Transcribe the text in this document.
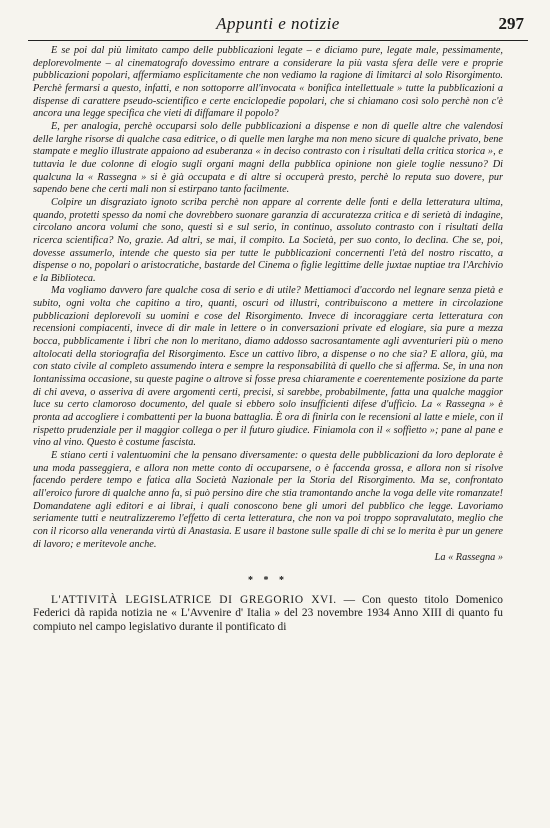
Appunti e notizie	297

E se poi dal più limitato campo delle pubblicazioni legate – e diciamo pure, legate male, pessimamente, deplorevolmente – al cinematografo dovessimo entrare a considerare la più vasta sfera delle vere e proprie pubblicazioni popolari, affermiamo esplicitamente che non vediamo la ragione di limitarci al solo Risorgimento. Perchè fermarsi a questo, infatti, e non sottoporre all'invocata « bonifica intellettuale » tutte la pubblicazioni a dispense di carattere pseudo-scientifico e certe enciclopedie popolari, che si chiamano così solo perchè non c'è ancora una legge specifica che vieti di diffamare il popolo?

E, per analogia, perchè occuparsi solo delle pubblicazioni a dispense e non di quelle altre che valendosi delle larghe risorse di qualche casa editrice, o di quelle men larghe ma non meno sicure di qualche privato, bene stampate e meglio illustrate appaiono ad esuberanza « in deciso contrasto con i risultati della critica storica », e tuttavia le due colonne di elogio sugli organi magni della pubblica opinione non giele toglie nessuno? Di qualcuna la « Rassegna » si è già occupata e di altre si occuperà presto, perchè lo reputa suo dovere, pur sapendo bene che certi mali non si estirpano tanto facilmente.

Colpire un disgraziato ignoto scriba perchè non appare al corrente delle fonti e della letteratura ultima, quando, protetti spesso da nomi che dovrebbero suonare garanzia di accuratezza critica e di serietà di indagine, circolano ancora volumi che sono, questi sì e sul serio, in continuo, assoluto contrasto con i risultati della ricerca scientifica? No, grazie. Ad altri, se mai, il compito. La Società, per suo conto, lo declina. Che se, poi, dovesse assumerlo, intende che questo sia per tutte le pubblicazioni concernenti l'età del nostro riscatto, a dispense o no, popolari o aristocratiche, bastarde del Cinema o figlie legittime delle juxtae nuptiae tra l'Archivio e la Biblioteca.

Ma vogliamo davvero fare qualche cosa di serio e di utile? Mettiamoci d'accordo nel legnare senza pietà e subito, ogni volta che capitino a tiro, quanti, oscuri od illustri, contribuiscono a mettere in circolazione pubblicazioni deplorevoli su uomini e cose del Risorgimento. Invece di incoraggiare certa letteratura con recensioni compiacenti, invece di dir male in lettere o in conversazioni private ed elogiare, sia pure a mezza bocca, pubblicamente i libri che non lo meritano, diamo addosso sacrosantamente agli avventurieri più o meno altolocati della storiografia del Risorgimento. Esce un cattivo libro, a dispense o no che sia? E allora, giù, ma con stato civile al completo assumendo intera e sempre la responsabilità di quello che si afferma. Se, in una non lontanissima occasione, su queste pagine o altrove si fosse presa chiaramente e coerentemente posizione da parte di chi aveva, o asseriva di avere argomenti certi, precisi, si sarebbe, probabilmente, fatta una qualche maggior luce su certo clamoroso documento, del quale si ebbero solo insufficienti difese d'ufficio. La « Rassegna » è pronta ad accogliere i combattenti per la buona battaglia. È ora di finirla con le recensioni al latte e miele, con il rispetto prudenziale per il maggior collega o per il futuro giudice. Finiamola con il « soffietto »; pane al pane e vino al vino. Questo è costume fascista.

E stiano certi i valentuomini che la pensano diversamente: o questa delle pubblicazioni da loro deplorate è una moda passeggiera, e allora non mette conto di occuparsene, o è faccenda grossa, e allora non si risolve facendo perdere tempo e fatica alla Società Nazionale per la Storia del Risorgimento. Ma se, confrontato all'eroico furore di qualche anno fa, si può persino dire che stia tramontando anche la voga delle vite romanzate! Domandatene agli editori e ai librai, i quali conoscono bene gli umori del pubblico che legge. Lavoriamo seriamente tutti e neutralizzeremo l'effetto di certa letteratura, che non va poi troppo sopravalutato, meglio che con il ricorso alla veneranda virtù di Anastasia. E usare il bastone sulle spalle di chi se lo merita è pur un genere di lavoro; e meritevole anche.

La « Rassegna »
* * *

L'ATTIVITÀ LEGISLATRICE DI GREGORIO XVI. — Con questo titolo Domenico Federici dà rapida notizia ne « L'Avvenire d' Italia » del 23 novembre 1934 Anno XIII di quanto fu compiuto nel campo legislativo durante il pontificato di
